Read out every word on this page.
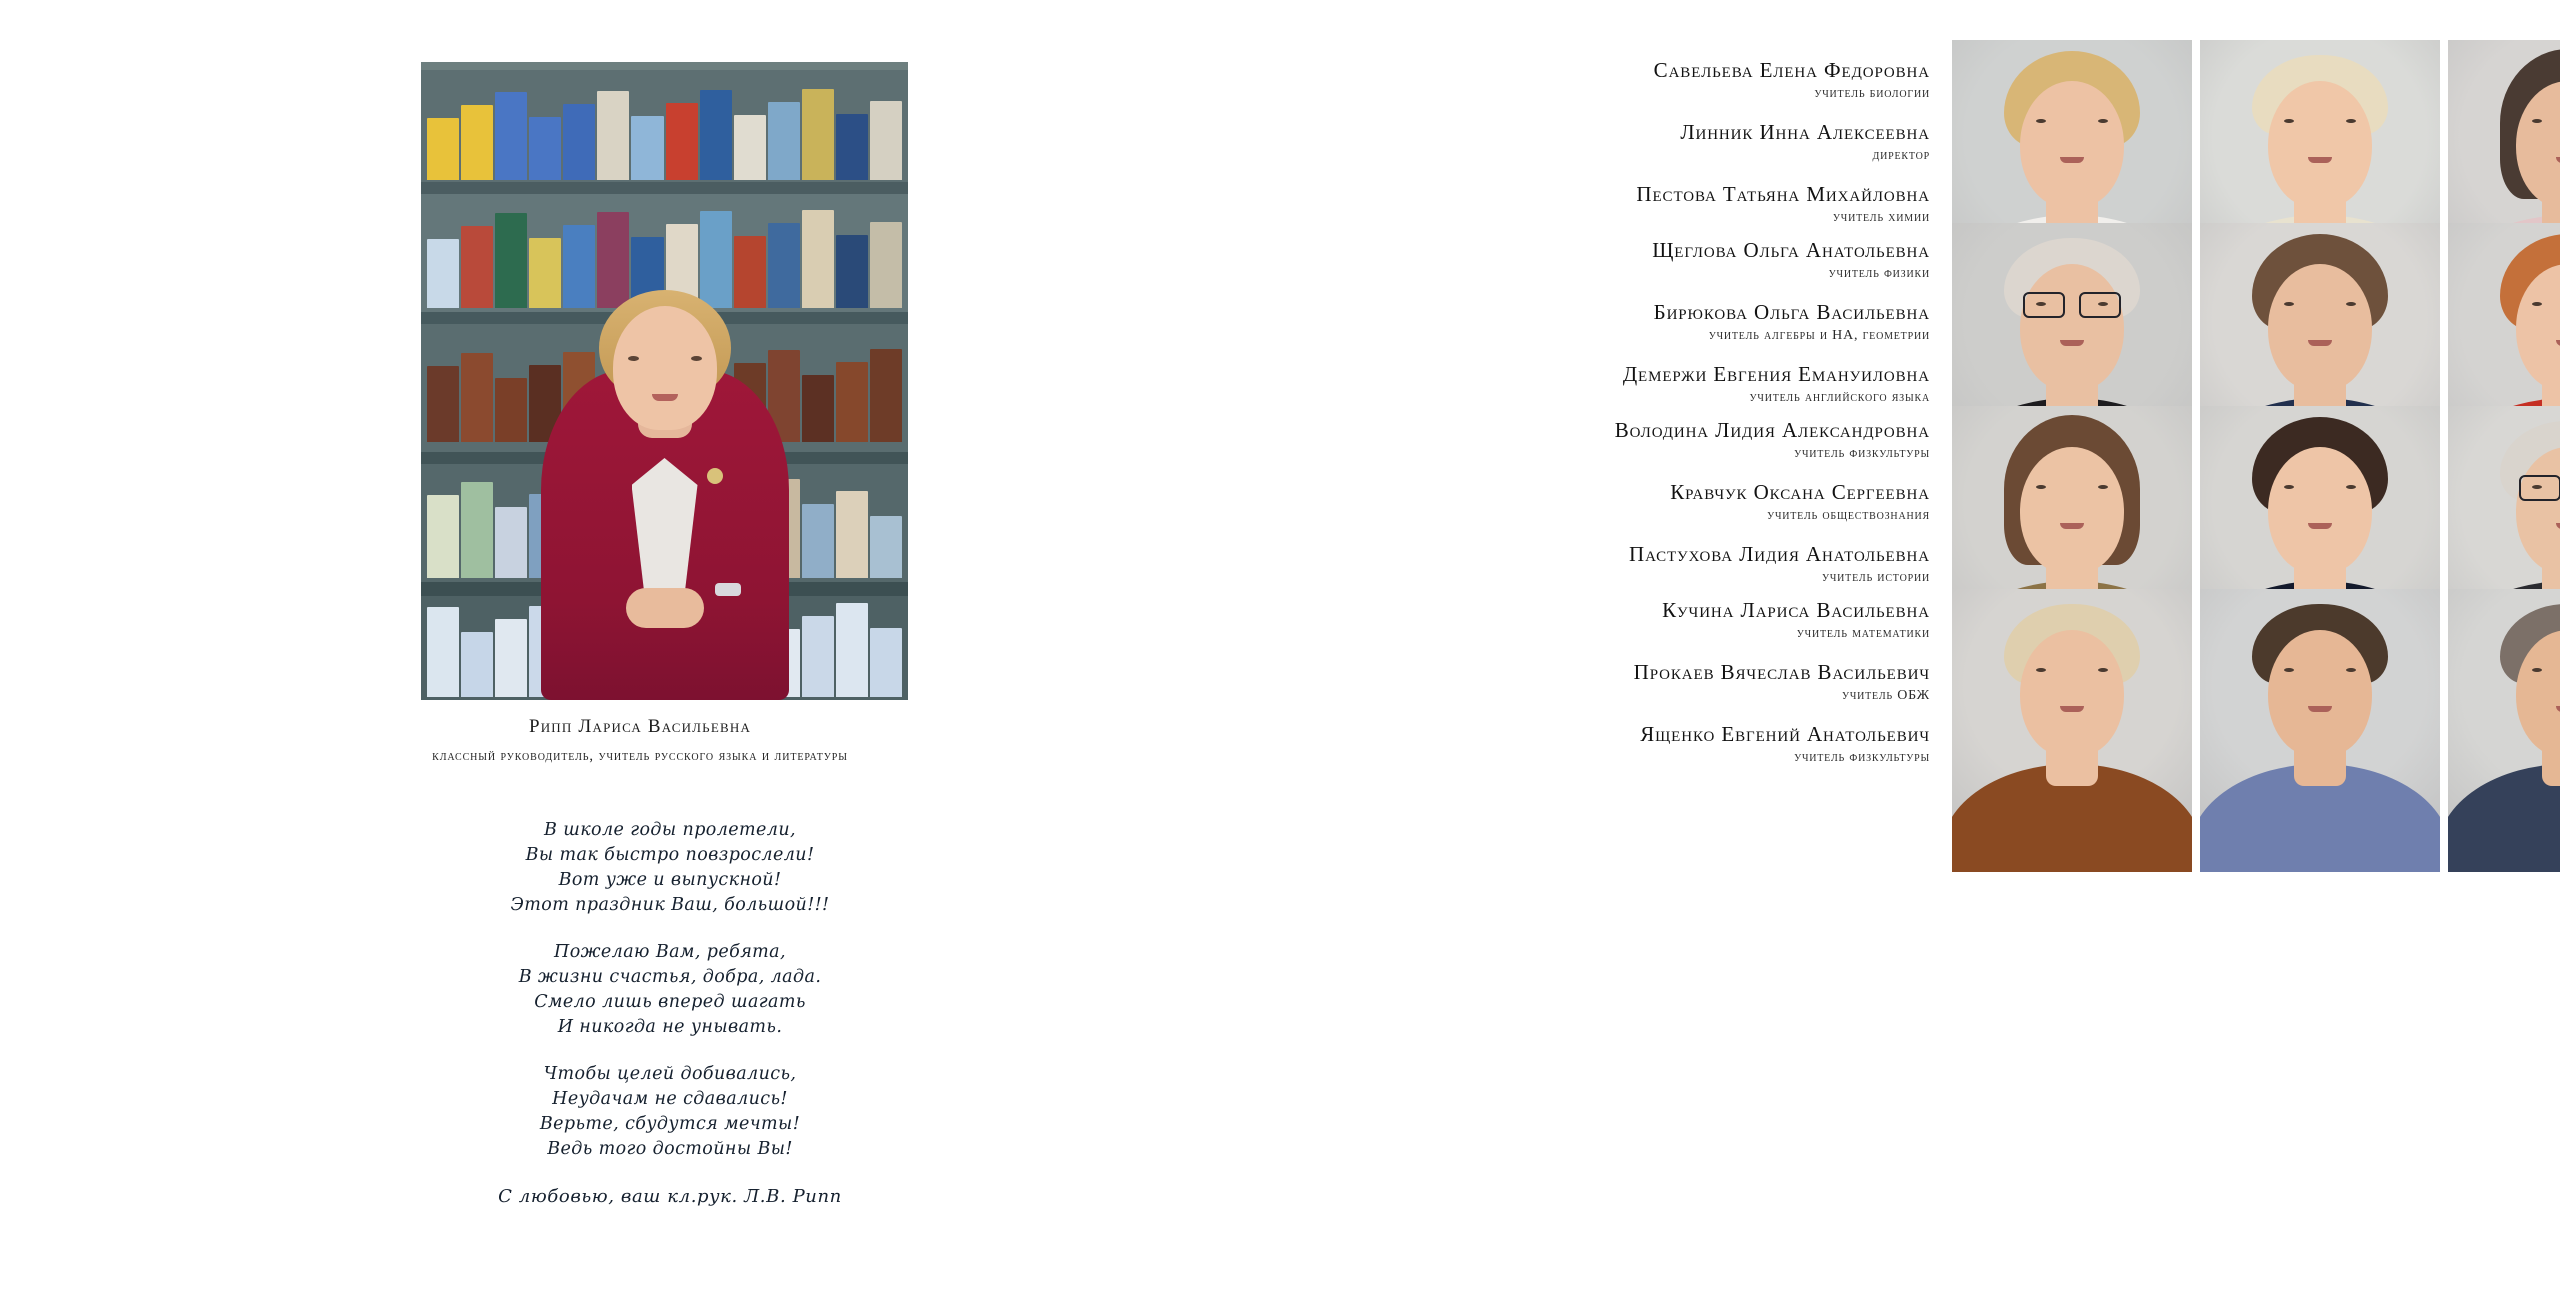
Рипп Лариса Васильевна
классный руководитель, учитель русского языка и литературы
В школе годы пролетели,
Вы так быстро повзрослели!
Вот уже и выпускной!
Этот праздник Ваш, большой!!!
Пожелаю Вам, ребята,
В жизни счастья, добра, лада.
Смело лишь вперед шагать
И никогда не унывать.
Чтобы целей добивались,
Неудачам не сдавались!
Верьте, сбудутся мечты!
Ведь того достойны Вы!
С любовью, ваш кл.рук. Л.В. Рипп
Савельева Елена Федоровна
учитель биологии
Линник Инна Алексеевна
директор
Пестова Татьяна Михайловна
учитель химии
Щеглова Ольга Анатольевна
учитель физики
Бирюкова Ольга Васильевна
учитель алгебры и НА, геометрии
Демержи Евгения Емануиловна
учитель английского языка
Володина Лидия Александровна
учитель физкультуры
Кравчук Оксана Сергеевна
учитель обществознания
Пастухова Лидия Анатольевна
учитель истории
Кучина Лариса Васильевна
учитель математики
Прокаев Вячеслав Васильевич
учитель ОБЖ
Ященко Евгений Анатольевич
учитель физкультуры
